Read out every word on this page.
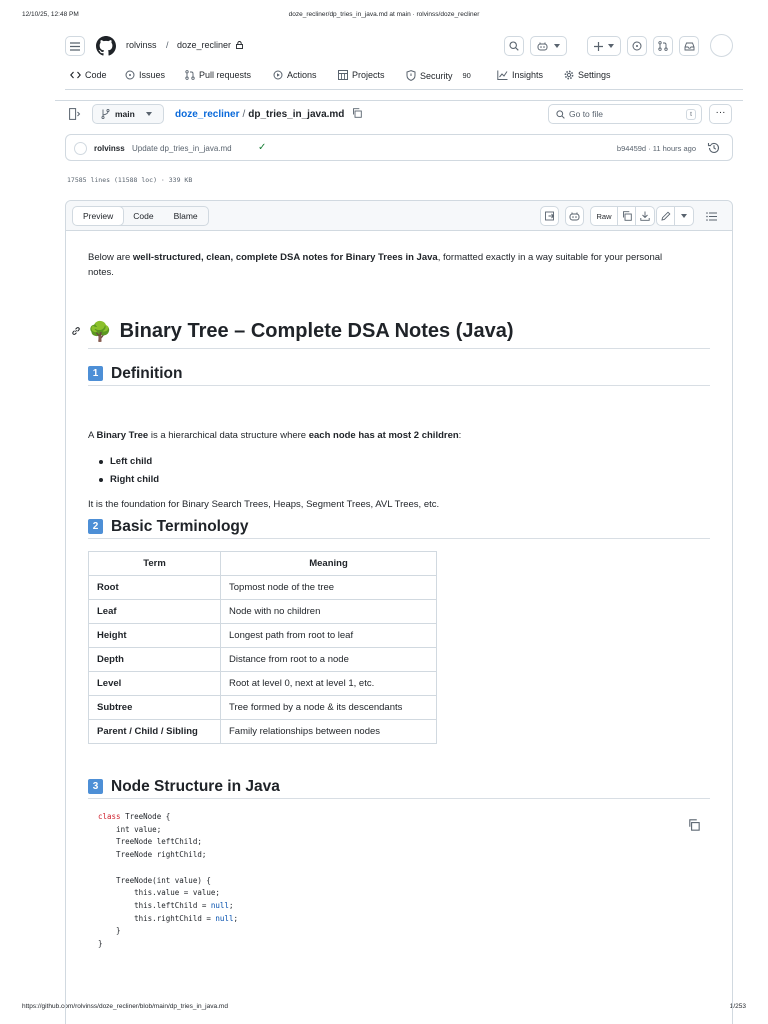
12/10/25, 12:48 PM	doze_recliner/dp_tries_in_java.md at main · rolvinss/doze_recliner
https://github.com/rolvinss/doze_recliner/blob/main/dp_tries_in_java.md	1/253
rolvinss / doze_recliner
Code	Issues	Pull requests	Actions	Projects	Security 90	Insights	Settings
main	doze_recliner / dp_tries_in_java.md	Go to file	t	···
rolvinss Update dp_tries_in_java.md	✓	b94459d · 11 hours ago
17585 lines (11588 loc) · 339 KB
Preview	Code	Blame	Raw

Below are well-structured, clean, complete DSA notes for Binary Trees in Java, formatted exactly in a way suitable for your personal notes.

🌳 Binary Tree – Complete DSA Notes (Java)
1 Definition

A Binary Tree is a hierarchical data structure where each node has at most 2 children:

Left child
Right child

It is the foundation for Binary Search Trees, Heaps, Segment Trees, AVL Trees, etc.

2 Basic Terminology
Term	Meaning
Root	Topmost node of the tree
Leaf	Node with no children
Height	Longest path from root to leaf
Depth	Distance from root to a node
Level	Root at level 0, next at level 1, etc.
Subtree	Tree formed by a node & its descendants
Parent / Child / Sibling	Family relationships between nodes
3 Node Structure in Java
class TreeNode {
int value;
TreeNode leftChild;
TreeNode rightChild;
TreeNode(int value) {
this.value = value;
this.leftChild = null;
this.rightChild = null;
}
}
